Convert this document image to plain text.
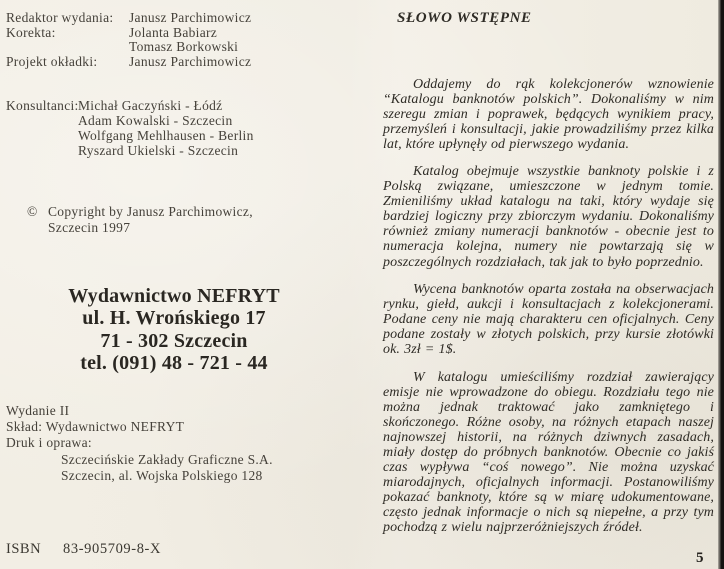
Redaktor wydania:	Janusz Parchimowicz
Korekta:	Jolanta Babiarz
Tomasz Borkowski
Projekt okładki:	Janusz Parchimowicz
Konsultanci: Michał Gaczyński - Łódź
Adam Kowalski - Szczecin
Wolfgang Mehlhausen - Berlin
Ryszard Ukielski - Szczecin
© Copyright by Janusz Parchimowicz,
Szczecin 1997
Wydawnictwo NEFRYT
ul. H. Wrońskiego 17
71 - 302 Szczecin
tel. (091) 48 - 721 - 44
Wydanie II
Skład: Wydawnictwo NEFRYT
Druk i oprawa:
Szczecińskie Zakłady Graficzne S.A.
Szczecin, al. Wojska Polskiego 128
ISBN 83-905709-8-X
SŁOWO WSTĘPNE

Oddajemy do rąk kolekcjonerów wznowienie “Katalogu banknotów polskich”. Dokonaliśmy w nim szeregu zmian i poprawek, będących wynikiem pracy, przemyśleń i konsultacji, jakie prowadziliśmy przez kilka lat, które upłynęły od pierwszego wydania.

Katalog obejmuje wszystkie banknoty polskie i z Polską związane, umieszczone w jednym tomie. Zmieniliśmy układ katalogu na taki, który wydaje się bardziej logiczny przy zbiorczym wydaniu. Dokonaliśmy również zmiany numeracji banknotów - obecnie jest to numeracja kolejna, numery nie powtarzają się w poszczególnych rozdziałach, tak jak to było poprzednio.

Wycena banknotów oparta została na obserwacjach rynku, giełd, aukcji i konsultacjach z kolekcjonerami. Podane ceny nie mają charakteru cen oficjalnych. Ceny podane zostały w złotych polskich, przy kursie złotówki ok. 3zł = 1$.

W katalogu umieściliśmy rozdział zawierający emisje nie wprowadzone do obiegu. Rozdziału tego nie można jednak traktować jako zamkniętego i skończonego. Różne osoby, na różnych etapach naszej najnowszej historii, na różnych dziwnych zasadach, miały dostęp do próbnych banknotów. Obecnie co jakiś czas wypływa “coś nowego”. Nie można uzyskać miarodajnych, oficjalnych informacji. Postanowiliśmy pokazać banknoty, które są w miarę udokumentowane, często jednak informacje o nich są niepełne, a przy tym pochodzą z wielu najprzeróżniejszych źródeł.

5
